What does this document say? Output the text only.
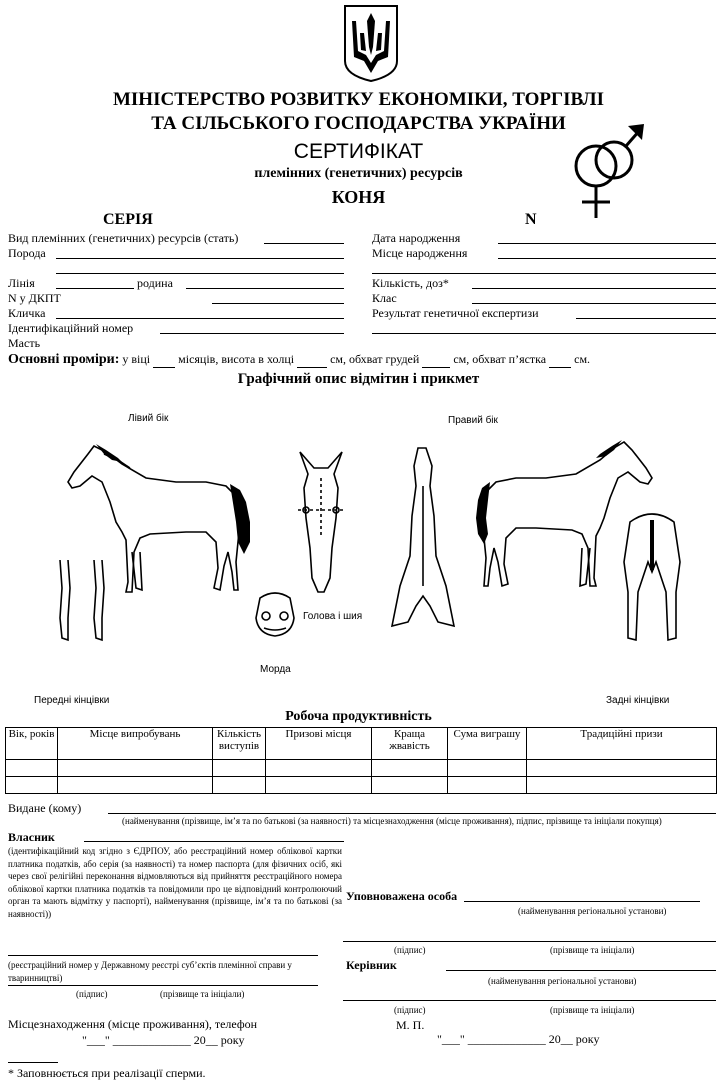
МІНІСТЕРСТВО РОЗВИТКУ ЕКОНОМІКИ, ТОРГІВЛІ
ТА СІЛЬСЬКОГО ГОСПОДАРСТВА УКРАЇНИ
СЕРТИФІКАТ
племінних (генетичних) ресурсів
КОНЯ
СЕРІЯ	N
Вид племінних (генетичних) ресурсів (стать)
Порода
Лінія	родина
N у ДКПТ
Кличка
Ідентифікаційний номер
Масть
Дата народження
Місце народження
Кількість, доз*
Клас
Результат генетичної експертизи
Основні проміри: у віці місяців, висота в холці	см, обхват грудей	см, обхват п’ястка см.
Графічний опис відмітин і прикмет
Лівий бік	Правий бік
Голова і шия
Морда
Передні кінцівки	Задні кінцівки
Робоча продуктивність
Вік, років	Місце випробувань	Кількість виступів	Призові місця	Краща жвавість	Сума виграшу	Традиційні призи

Видане (кому)
(найменування (прізвище, ім’я та по батькові (за наявності) та місцезнаходження (місце проживання), підпис, прізвище та ініціали покупця)
Власник
(ідентифікаційний код згідно з ЄДРПОУ, або реєстраційний номер облікової картки платника податків, або серія (за наявності) та номер паспорта (для фізичних осіб, які через свої релігійні переконання відмовляються від прийняття реєстраційного номера облікової картки платника податків та повідомили про це відповідний контролюючий орган та мають відмітку у паспорті), найменування (прізвище, ім’я та по батькові (за наявності))
(реєстраційний номер у Державному реєстрі суб’єктів племінної справи у тваринництві)
(підпис)	(прізвище та ініціали)
Місцезнаходження (місце проживання), телефон
"___" _____________ 20__ року
Уповноважена особа
(найменування регіональної установи)
(підпис)	(прізвище та ініціали)
Керівник
(найменування регіональної установи)
(підпис)	(прізвище та ініціали)
М. П.
"___" _____________ 20__ року
* Заповнюється при реалізації сперми.
